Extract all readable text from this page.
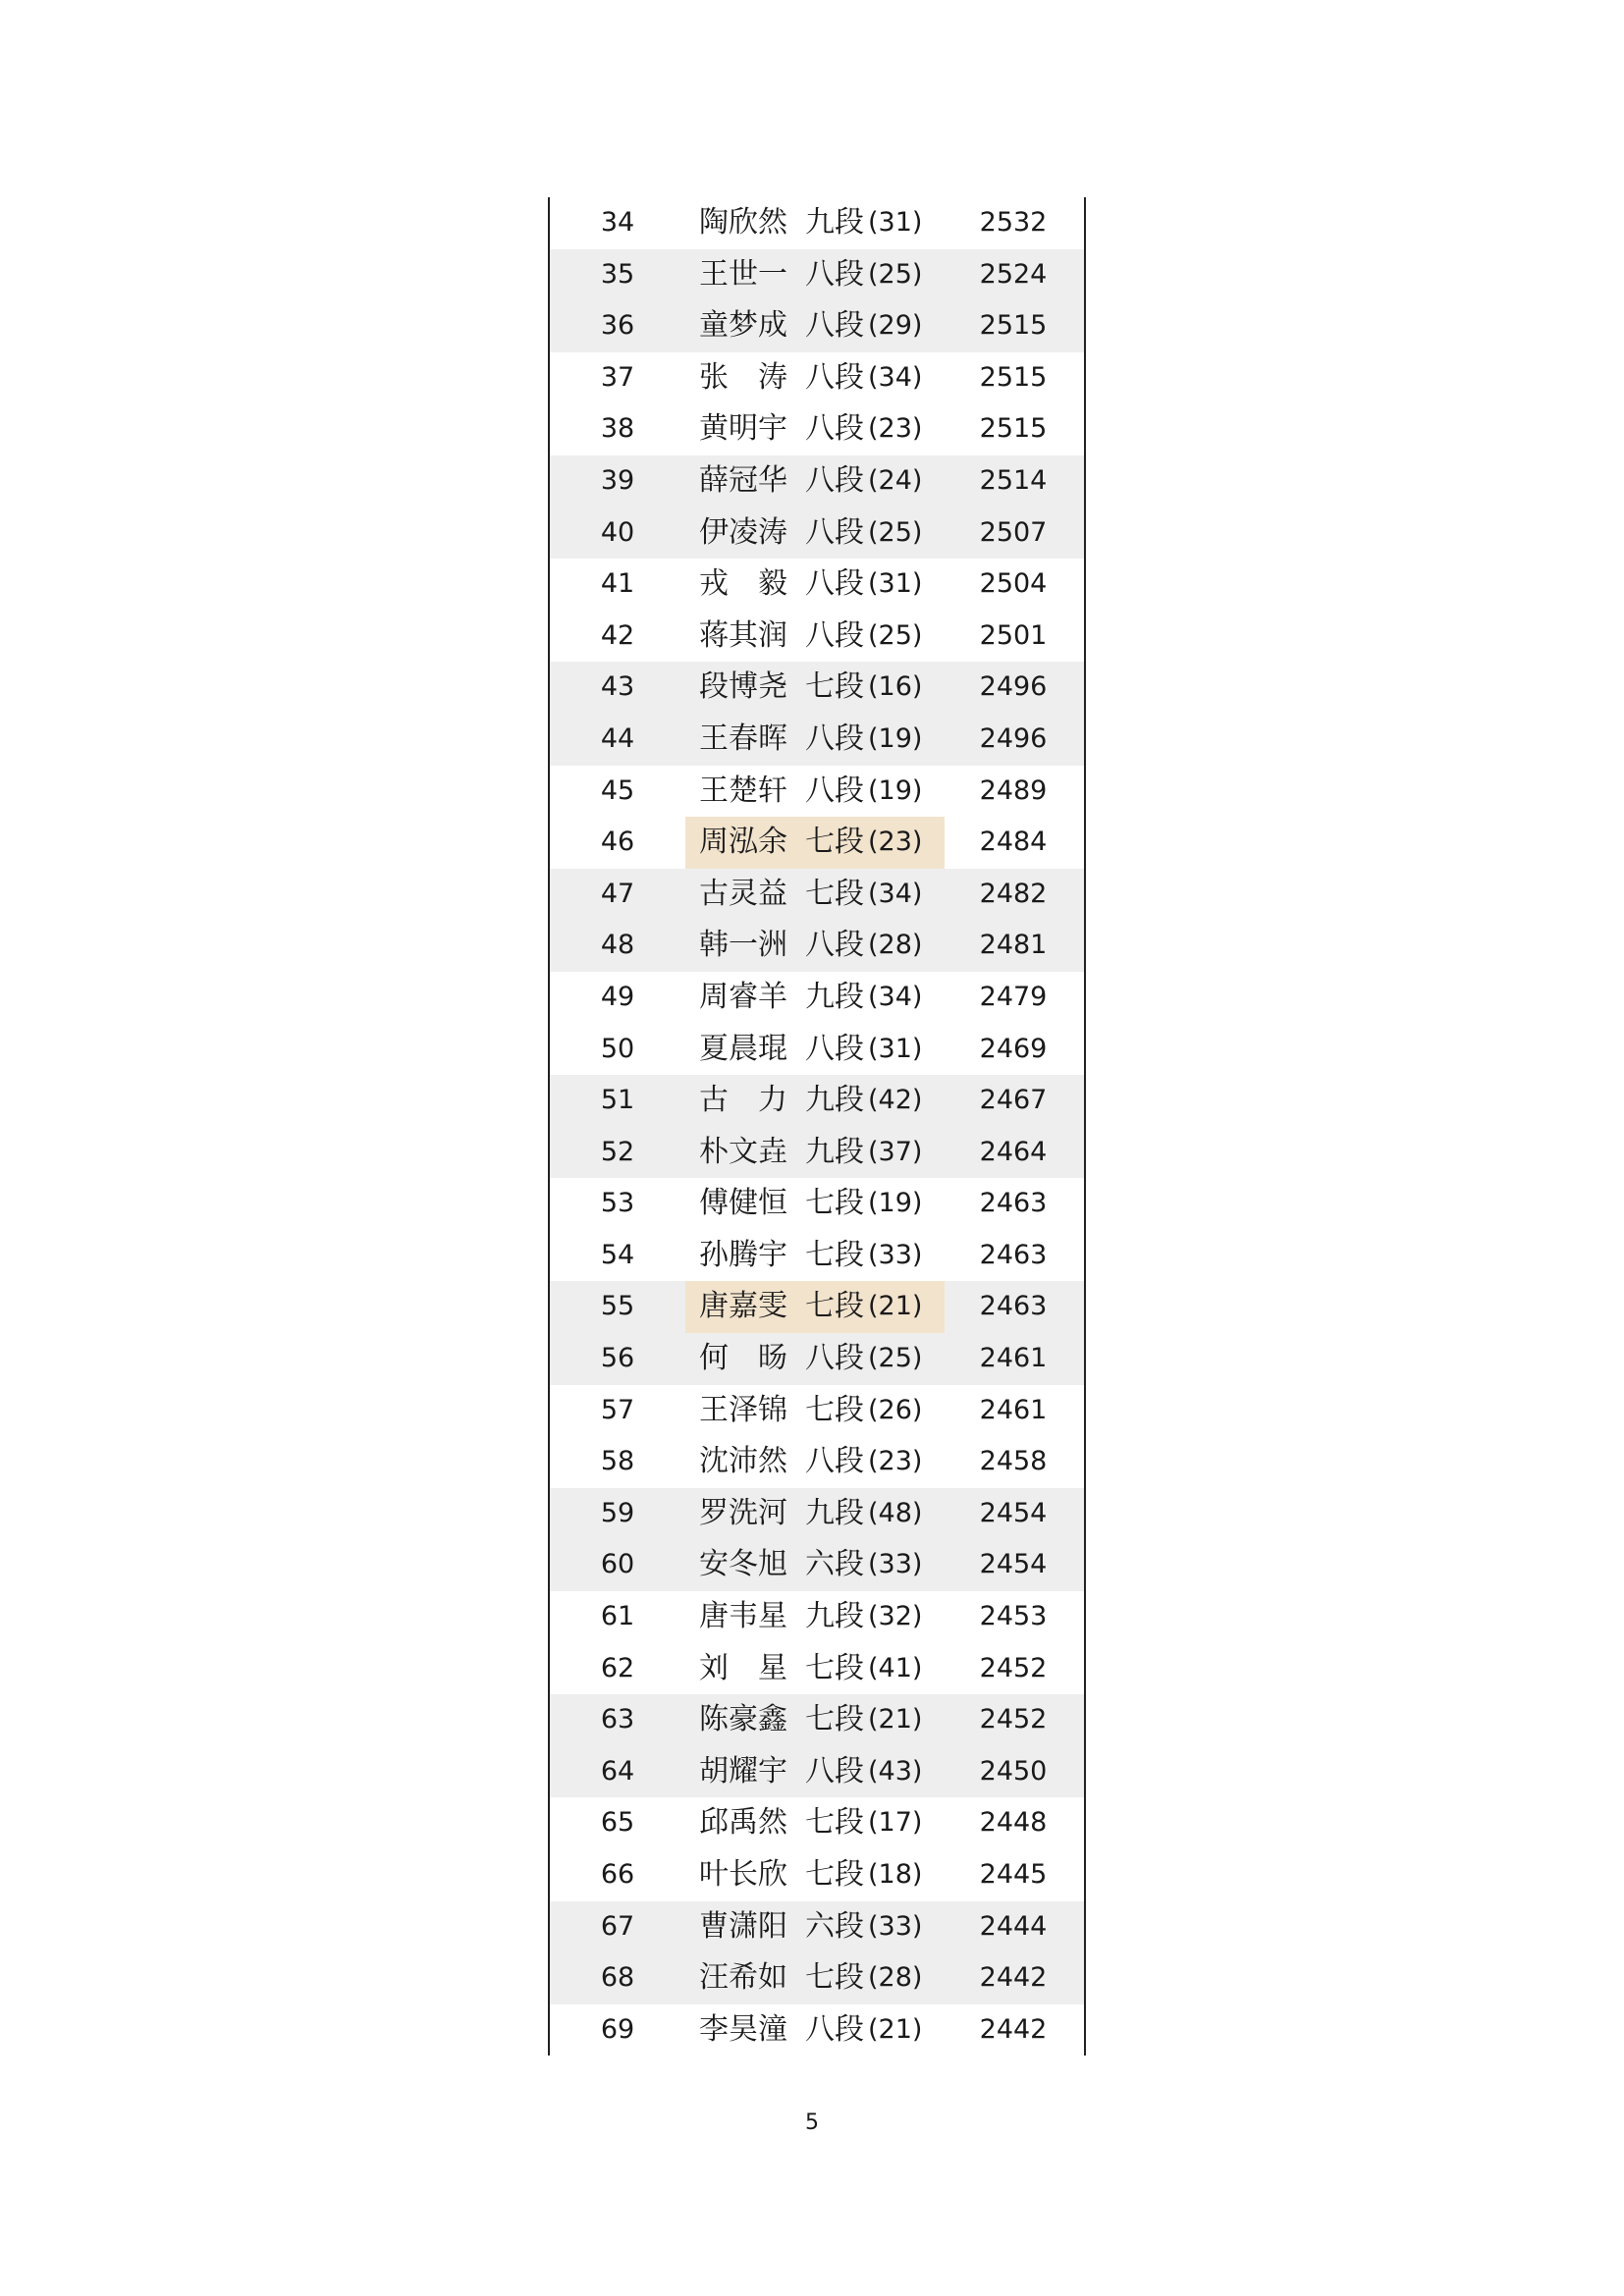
34	陶欣然 九段 (31)	2532
35	王世一 八段 (25)	2524
36	童梦成 八段 (29)	2515
37	张涛 八段 (34)	2515
38	黄明宇 八段 (23)	2515
39	薛冠华 八段 (24)	2514
40	伊凌涛 八段 (25)	2507
41	戎毅 八段 (31)	2504
42	蒋其润 八段 (25)	2501
43	段博尧 七段 (16)	2496
44	王春晖 八段 (19)	2496
45	王楚轩 八段 (19)	2489
46	周泓余 七段 (23)	2484
47	古灵益 七段 (34)	2482
48	韩一洲 八段 (28)	2481
49	周睿羊 九段 (34)	2479
50	夏晨琨 八段 (31)	2469
51	古力 九段 (42)	2467
52	朴文垚 九段 (37)	2464
53	傅健恒 七段 (19)	2463
54	孙腾宇 七段 (33)	2463
55	唐嘉雯 七段 (21)	2463
56	何旸 八段 (25)	2461
57	王泽锦 七段 (26)	2461
58	沈沛然 八段 (23)	2458
59	罗洗河 九段 (48)	2454
60	安冬旭 六段 (33)	2454
61	唐韦星 九段 (32)	2453
62	刘星 七段 (41)	2452
63	陈豪鑫 七段 (21)	2452
64	胡耀宇 八段 (43)	2450
65	邱禹然 七段 (17)	2448
66	叶长欣 七段 (18)	2445
67	曹潇阳 六段 (33)	2444
68	汪希如 七段 (28)	2442
69	李昊潼 八段 (21)	2442
5
